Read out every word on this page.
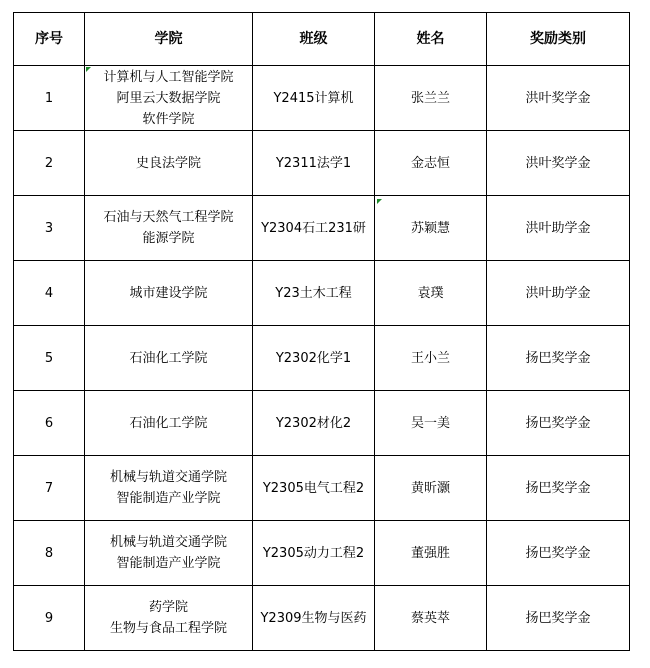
序号	学院	班级	姓名	奖励类别
1	计算机与人工智能学院
阿里云大数据学院
软件学院	Y2415计算机	张兰兰	洪叶奖学金
2	史良法学院	Y2311法学1	金志恒	洪叶奖学金
3	石油与天然气工程学院
能源学院	Y2304石工231研	苏颖慧	洪叶助学金
4	城市建设学院	Y23土木工程	袁璞	洪叶助学金
5	石油化工学院	Y2302化学1	王小兰	扬巴奖学金
6	石油化工学院	Y2302材化2	吴一美	扬巴奖学金
7	机械与轨道交通学院
智能制造产业学院	Y2305电气工程2	黄昕灏	扬巴奖学金
8	机械与轨道交通学院
智能制造产业学院	Y2305动力工程2	董强胜	扬巴奖学金
9	药学院
生物与食品工程学院	Y2309生物与医药	蔡英萃	扬巴奖学金
